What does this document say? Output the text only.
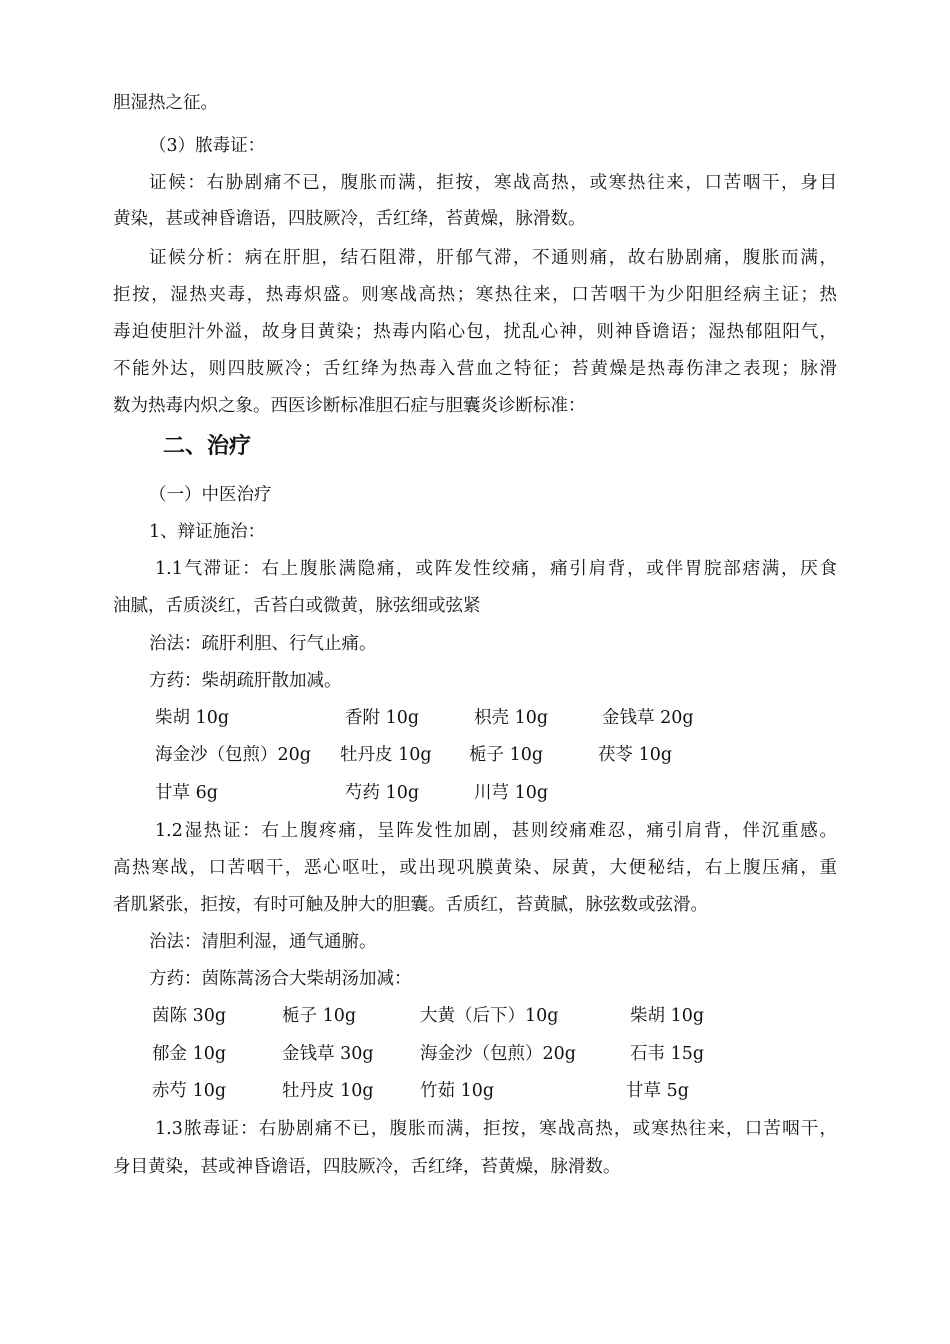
胆湿热之征。
（3）脓毒证：
证候：右胁剧痛不已，腹胀而满，拒按，寒战高热，或寒热往来，口苦咽干，身目
黄染，甚或神昏谵语，四肢厥冷，舌红绛，苔黄燥，脉滑数。
证候分析：病在肝胆，结石阻滞，肝郁气滞，不通则痛，故右胁剧痛，腹胀而满，
拒按，湿热夹毒，热毒炽盛。则寒战高热；寒热往来，口苦咽干为少阳胆经病主证；热
毒迫使胆汁外溢，故身目黄染；热毒内陷心包，扰乱心神，则神昏谵语；湿热郁阻阳气，
不能外达，则四肢厥冷；舌红绛为热毒入营血之特征；苔黄燥是热毒伤津之表现；脉滑
数为热毒内炽之象。西医诊断标准胆石症与胆囊炎诊断标准：
二、治疗
（一）中医治疗
1、辩证施治：
1.1气滞证：右上腹胀满隐痛，或阵发性绞痛，痛引肩背，或伴胃脘部痞满，厌食
油腻，舌质淡红，舌苔白或微黄，脉弦细或弦紧
治法：疏肝利胆、行气止痛。
方药：柴胡疏肝散加减。
柴胡 10g	香附 10g	枳壳 10g	金钱草 20g
海金沙（包煎）20g 牡丹皮 10g 栀子 10g	茯苓 10g
甘草 6g	芍药 10g	川芎 10g
1.2湿热证：右上腹疼痛，呈阵发性加剧，甚则绞痛难忍，痛引肩背，伴沉重感。
高热寒战，口苦咽干，恶心呕吐，或出现巩膜黄染、尿黄，大便秘结，右上腹压痛，重
者肌紧张，拒按，有时可触及肿大的胆囊。舌质红，苔黄腻，脉弦数或弦滑。
治法：清胆利湿，通气通腑。
方药：茵陈蒿汤合大柴胡汤加减：
茵陈 30g	栀子 10g	大黄（后下）10g	柴胡 10g
郁金 10g	金钱草 30g	海金沙（包煎）20g	石韦 15g
赤芍 10g	牡丹皮 10g	竹茹 10g	甘草 5g
1.3脓毒证：右胁剧痛不已，腹胀而满，拒按，寒战高热，或寒热往来，口苦咽干，
身目黄染，甚或神昏谵语，四肢厥冷，舌红绛，苔黄燥，脉滑数。
